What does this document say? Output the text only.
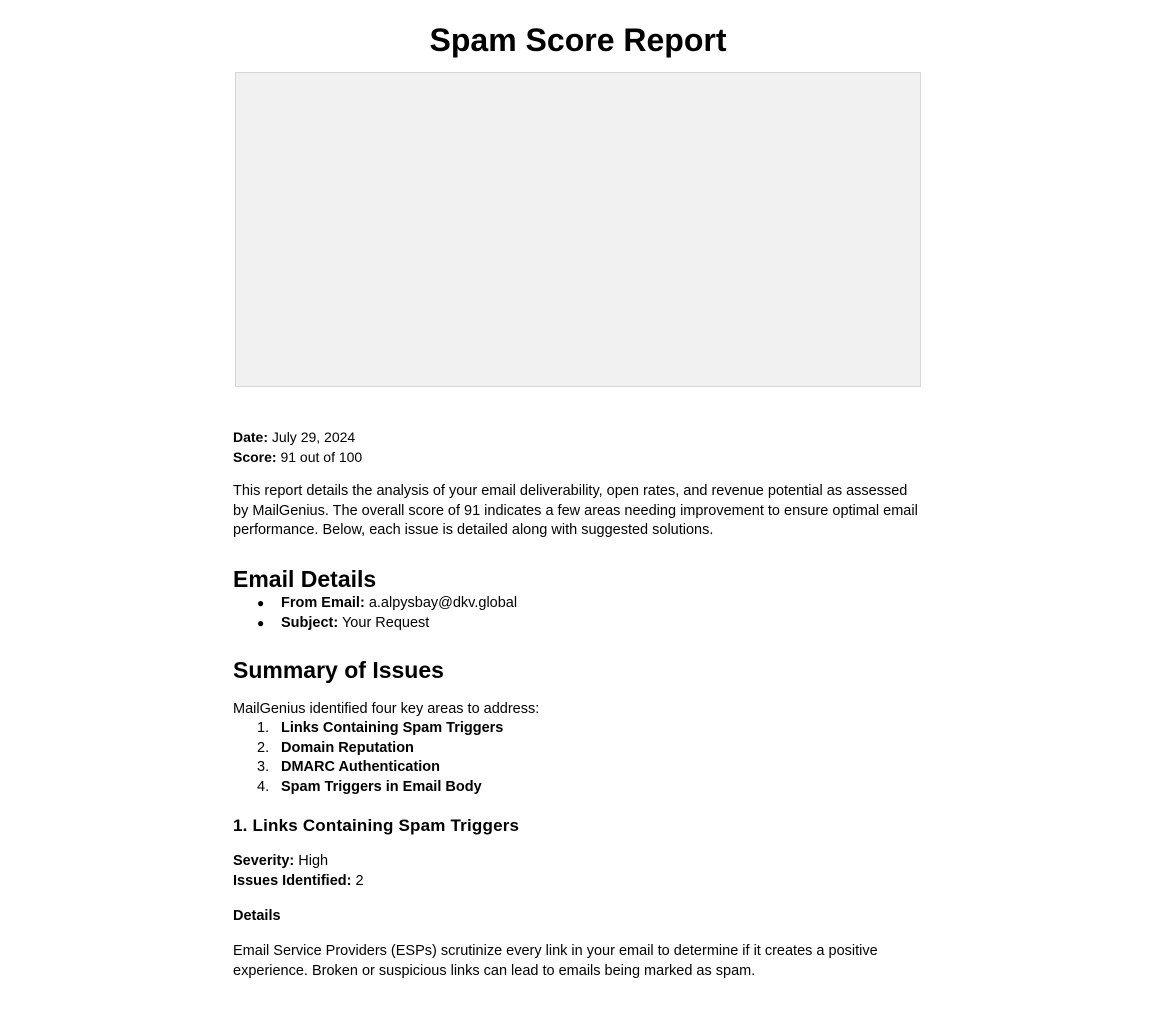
Spam Score Report
Date: July 29, 2024
Score: 91 out of 100

This report details the analysis of your email deliverability, open rates, and revenue potential as assessed by MailGenius. The overall score of 91 indicates a few areas needing improvement to ensure optimal email performance. Below, each issue is detailed along with suggested solutions.

Email Details
● From Email: a.alpysbay@dkv.global
● Subject: Your Request
Summary of Issues

MailGenius identified four key areas to address:

1. Links Containing Spam Triggers
2. Domain Reputation
3. DMARC Authentication
4. Spam Triggers in Email Body
1. Links Containing Spam Triggers
Severity: High
Issues Identified: 2
Details

Email Service Providers (ESPs) scrutinize every link in your email to determine if it creates a positive experience. Broken or suspicious links can lead to emails being marked as spam.
